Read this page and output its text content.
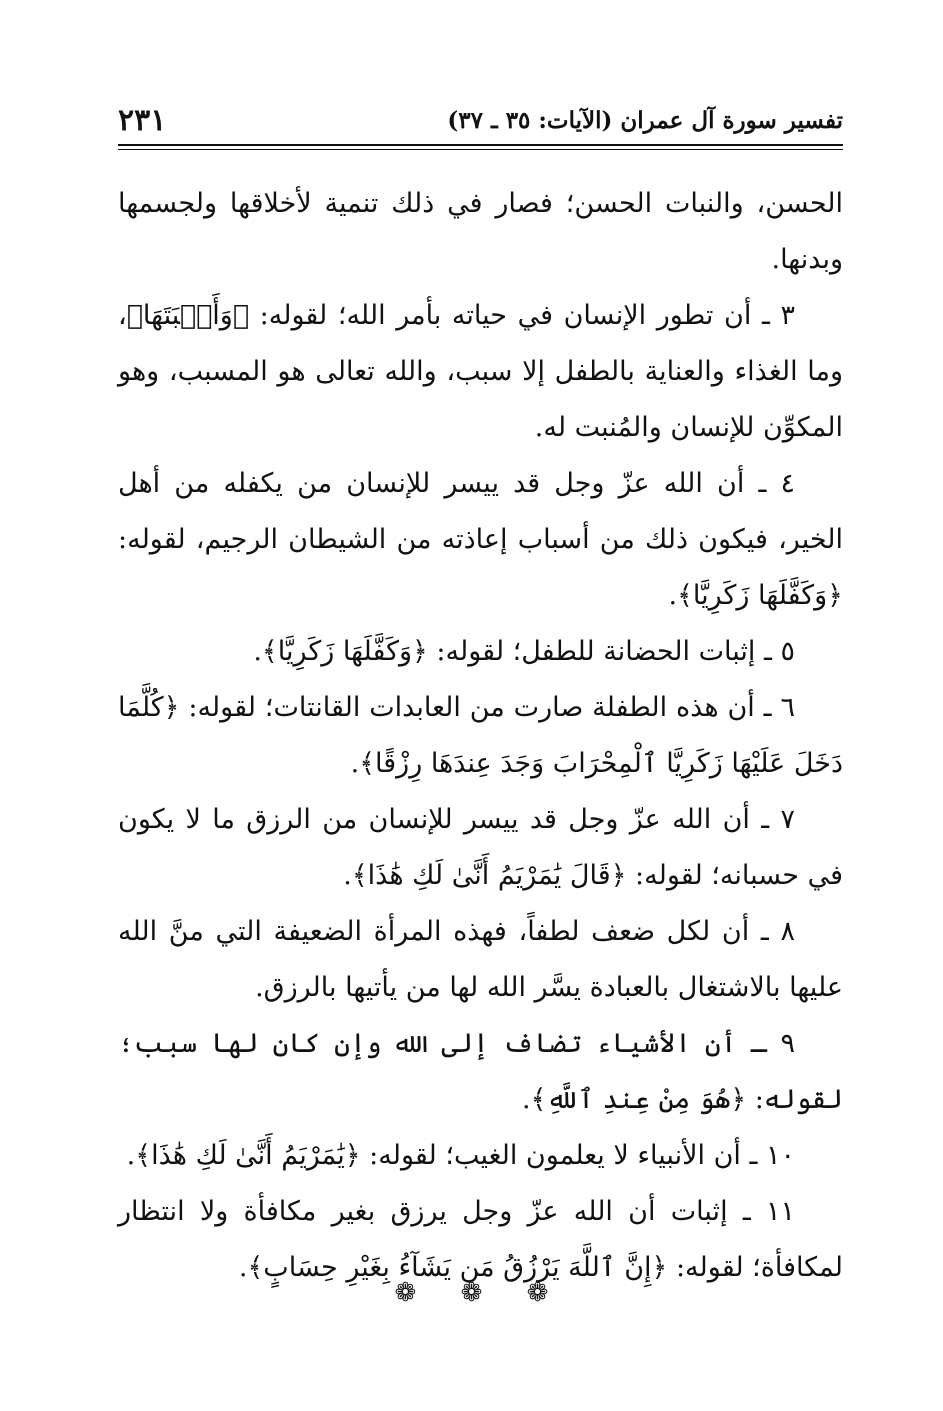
تفسير سورة آل عمران (الآيات: ٣٥ ـ ٣٧)
٢٣١

الحسن، والنبات الحسن؛ فصار في ذلك تنمية لأخلاقها ولجسمها وبدنها.

٣ ـ أن تطور الإنسان في حياته بأمر الله؛ لقوله: ﴿وَأَنۢبَتَهَا﴾، وما الغذاء والعناية بالطفل إلا سبب، والله تعالى هو المسبب، وهو المكوِّن للإنسان والمُنبت له.

٤ ـ أن الله عزّ وجل قد ييسر للإنسان من يكفله من أهل الخير، فيكون ذلك من أسباب إعاذته من الشيطان الرجيم، لقوله: ﴿وَكَفَّلَهَا زَكَرِيَّا﴾.

٥ ـ إثبات الحضانة للطفل؛ لقوله: ﴿وَكَفَّلَهَا زَكَرِيَّا﴾.

٦ ـ أن هذه الطفلة صارت من العابدات القانتات؛ لقوله: ﴿كُلَّمَا دَخَلَ عَلَيْهَا زَكَرِيَّا ٱلْمِحْرَابَ وَجَدَ عِندَهَا رِزْقًا﴾.

٧ ـ أن الله عزّ وجل قد ييسر للإنسان من الرزق ما لا يكون في حسبانه؛ لقوله: ﴿قَالَ يَٰمَرْيَمُ أَنَّىٰ لَكِ هَٰذَا﴾.

٨ ـ أن لكل ضعف لطفاً، فهذه المرأة الضعيفة التي منَّ الله عليها بالاشتغال بالعبادة يسَّر الله لها من يأتيها بالرزق.

٩ ـ أن الأشياء تضاف إلى الله وإن كان لها سبب؛ لقوله: ﴿هُوَ مِنْ عِندِ ٱللَّهِ﴾.

١٠ ـ أن الأنبياء لا يعلمون الغيب؛ لقوله: ﴿يَٰمَرْيَمُ أَنَّىٰ لَكِ هَٰذَا﴾.

١١ ـ إثبات أن الله عزّ وجل يرزق بغير مكافأة ولا انتظار لمكافأة؛ لقوله: ﴿إِنَّ ٱللَّهَ يَرْزُقُ مَن يَشَآءُ بِغَيْرِ حِسَابٍ﴾.

❁ ❁ ❁
